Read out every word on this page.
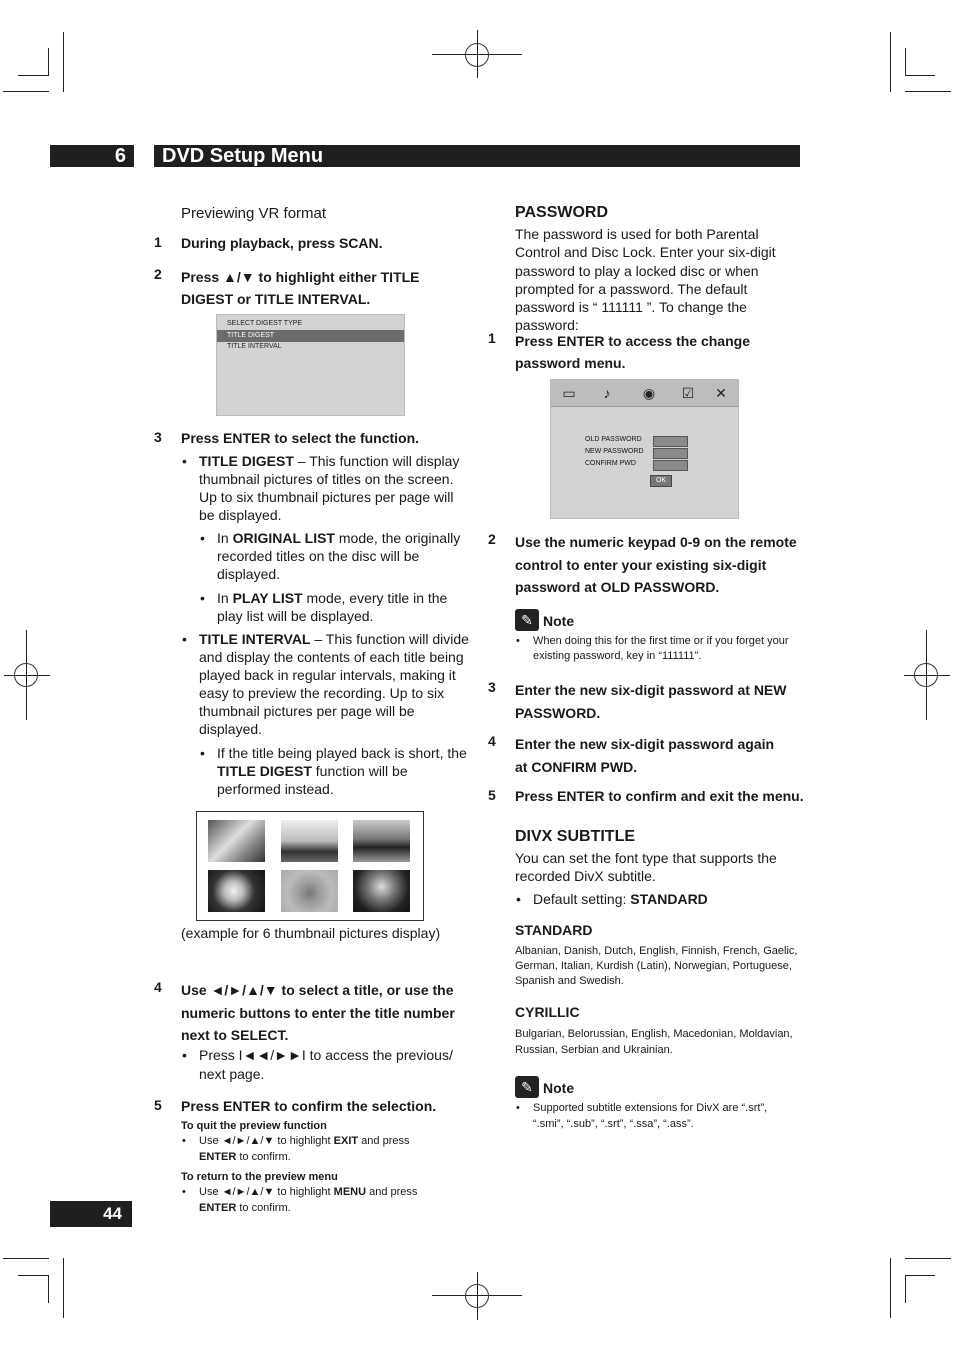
6 DVD Setup Menu
Previewing VR format
1 During playback, press SCAN.
2 Press ▲/▼ to highlight either TITLE DIGEST or TITLE INTERVAL.
SELECT DIGEST TYPE
TITLE DIGEST
TITLE INTERVAL
3 Press ENTER to select the function.
• TITLE DIGEST – This function will display thumbnail pictures of titles on the screen. Up to six thumbnail pictures per page will be displayed.
• In ORIGINAL LIST mode, the originally recorded titles on the disc will be displayed.
• In PLAY LIST mode, every title in the play list will be displayed.
• TITLE INTERVAL – This function will divide and display the contents of each title being played back in regular intervals, making it easy to preview the recording. Up to six thumbnail pictures per page will be displayed.
• If the title being played back is short, the TITLE DIGEST function will be performed instead.
(example for 6 thumbnail pictures display)
4 Use ◄/►/▲/▼ to select a title, or use the numeric buttons to enter the title number next to SELECT.
• Press I◄◄/►►I to access the previous/ next page.
5 Press ENTER to confirm the selection.
To quit the preview function
• Use ◄/►/▲/▼ to highlight EXIT and press
ENTER to confirm.
To return to the preview menu
• Use ◄/►/▲/▼ to highlight MENU and press
ENTER to confirm.
PASSWORD
The password is used for both Parental Control and Disc Lock. Enter your six-digit password to play a locked disc or when prompted for a password. The default password is “ 111111 ”. To change the password:
1 Press ENTER to access the change password menu.
▭	♪	◉ ☑ ✕
OLD PASSWORD
NEW PASSWORD
CONFIRM PWD
OK
2 Use the numeric keypad 0-9 on the remote control to enter your existing six-digit password at OLD PASSWORD.
✎ Note
• When doing this for the first time or if you forget your existing password, key in “111111”.
3 Enter the new six-digit password at NEW PASSWORD.
4 Enter the new six-digit password again at CONFIRM PWD.
5 Press ENTER to confirm and exit the menu.
DIVX SUBTITLE
You can set the font type that supports the recorded DivX subtitle.
• Default setting: STANDARD
STANDARD
Albanian, Danish, Dutch, English, Finnish, French, Gaelic, German, Italian, Kurdish (Latin), Norwegian, Portuguese, Spanish and Swedish.
CYRILLIC
Bulgarian, Belorussian, English, Macedonian, Moldavian, Russian, Serbian and Ukrainian.
✎ Note
• Supported subtitle extensions for DivX are “.srt”, “.smi”, “.sub”, “.srt”, “.ssa”, “.ass”.
44
